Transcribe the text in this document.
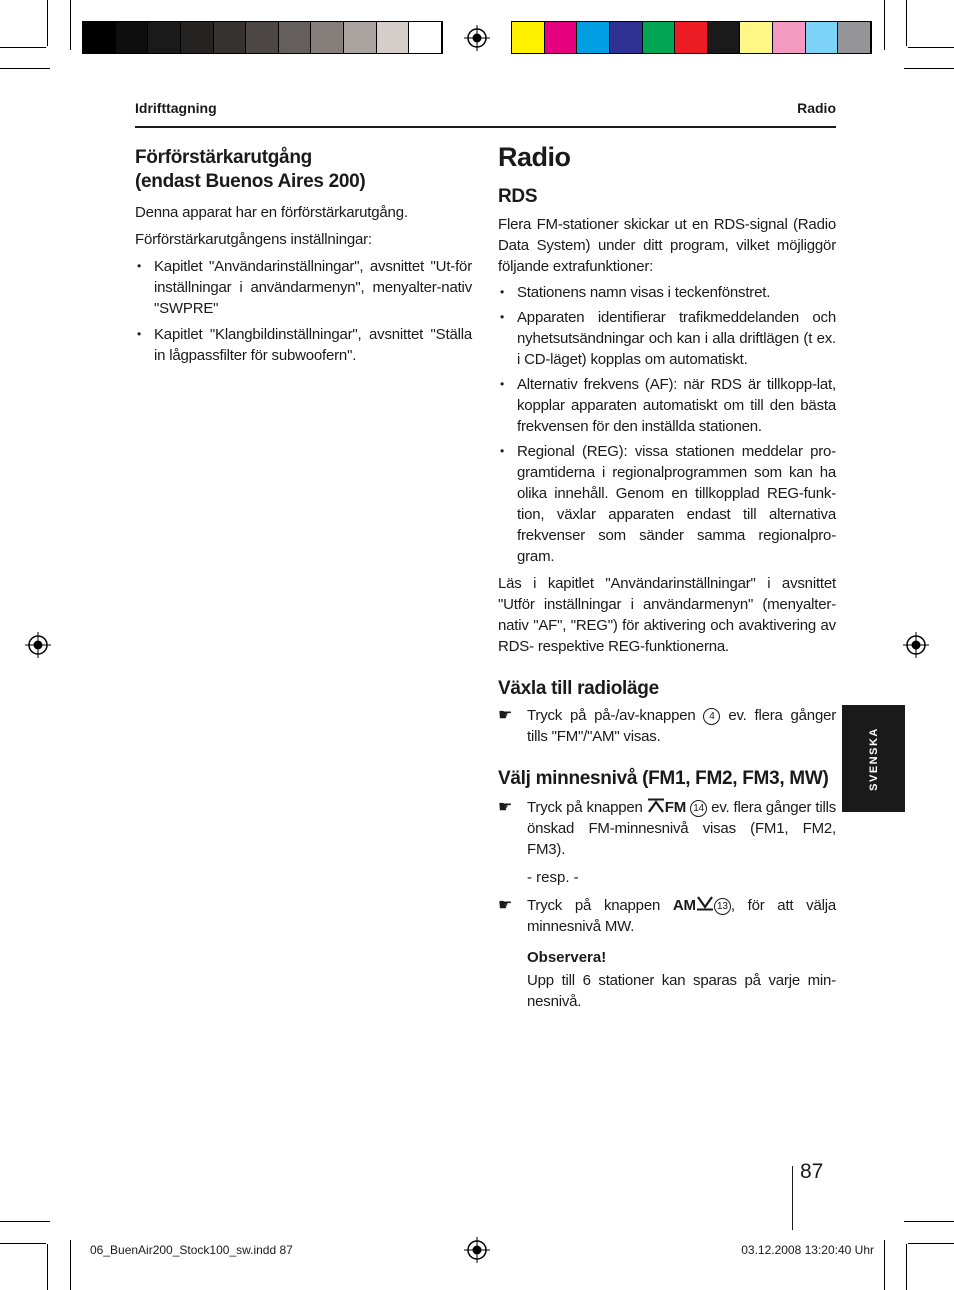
Idrifttagning	Radio
Förförstärkarutgång
(endast Buenos Aires 200)

Denna apparat har en förförstärkarutgång.

Förförstärkarutgångens inställningar:

• Kapitlet "Användarinställningar", avsnittet "Ut-för inställningar i användarmenyn", menyalter-nativ "SWPRE"
• Kapitlet "Klangbildinställningar", avsnittet "Ställa in lågpassfilter för subwoofern".
Radio
RDS

Flera FM-stationer skickar ut en RDS-signal (Radio Data System) under ditt program, vilket möjliggör följande extrafunktioner:

• Stationens namn visas i teckenfönstret.
• Apparaten identifierar trafikmeddelanden och nyhetsutsändningar och kan i alla driftlägen (t ex. i CD-läget) kopplas om automatiskt.
• Alternativ frekvens (AF): när RDS är tillkopp-lat, kopplar apparaten automatiskt om till den bästa frekvensen för den inställda stationen.
• Regional (REG): vissa stationen meddelar pro-gramtiderna i regionalprogrammen som kan ha olika innehåll. Genom en tillkopplad REG-funk-tion, växlar apparaten endast till alternativa frekvenser som sänder samma regionalpro-gram.

Läs i kapitlet "Användarinställningar" i avsnittet "Utför inställningar i användarmenyn" (menyalter-nativ "AF", "REG") för aktivering och avaktivering av RDS- respektive REG-funktionerna.

Växla till radioläge
☛ Tryck på på-/av-knappen 4 ev. flera gånger tills "FM"/"AM" visas.
Välj minnesnivå (FM1, FM2, FM3, MW)
☛ Tryck på knappen FM 14 ev. flera gånger tills önskad FM-minnesnivå visas (FM1, FM2, FM3).
- resp. -
☛ Tryck på knappen AM 13 , för att välja minnesnivå MW.
Observera!

Upp till 6 stationer kan sparas på varje min-nesnivå.

SVENSKA
87
06_BuenAir200_Stock100_sw.indd 87	03.12.2008 13:20:40 Uhr
